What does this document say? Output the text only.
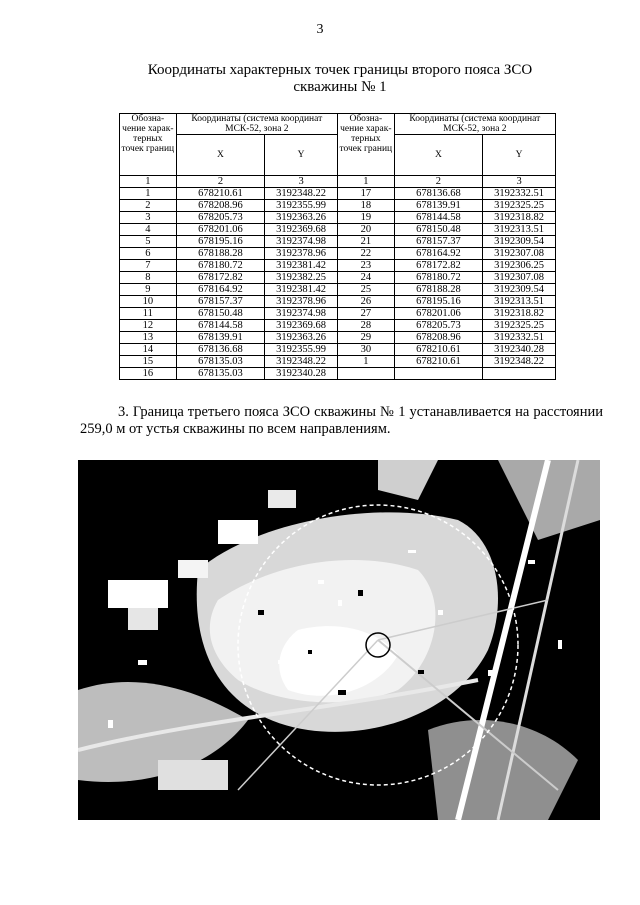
3
Координаты характерных точек границы второго пояса ЗСО
скважины № 1
Обозна-чение харак-терных точек границ	Координаты (система координат МСК-52, зона 2		Обозна-чение харак-терных точек границ	Координаты (система координат МСК-52, зона 2	
	X	Y		X	Y
1	2	3	1	2	3
1	678210.61	3192348.22	17	678136.68	3192332.51
2	678208.96	3192355.99	18	678139.91	3192325.25
3	678205.73	3192363.26	19	678144.58	3192318.82
4	678201.06	3192369.68	20	678150.48	3192313.51
5	678195.16	3192374.98	21	678157.37	3192309.54
6	678188.28	3192378.96	22	678164.92	3192307.08
7	678180.72	3192381.42	23	678172.82	3192306.25
8	678172.82	3192382.25	24	678180.72	3192307.08
9	678164.92	3192381.42	25	678188.28	3192309.54
10	678157.37	3192378.96	26	678195.16	3192313.51
11	678150.48	3192374.98	27	678201.06	3192318.82
12	678144.58	3192369.68	28	678205.73	3192325.25
13	678139.91	3192363.26	29	678208.96	3192332.51
14	678136.68	3192355.99	30	678210.61	3192340.28
15	678135.03	3192348.22	1	678210.61	3192348.22
16	678135.03	3192340.28			
3. Граница третьего пояса ЗСО скважины № 1 устанавливается на расстоянии 259,0 м от устья скважины по всем направлениям.
